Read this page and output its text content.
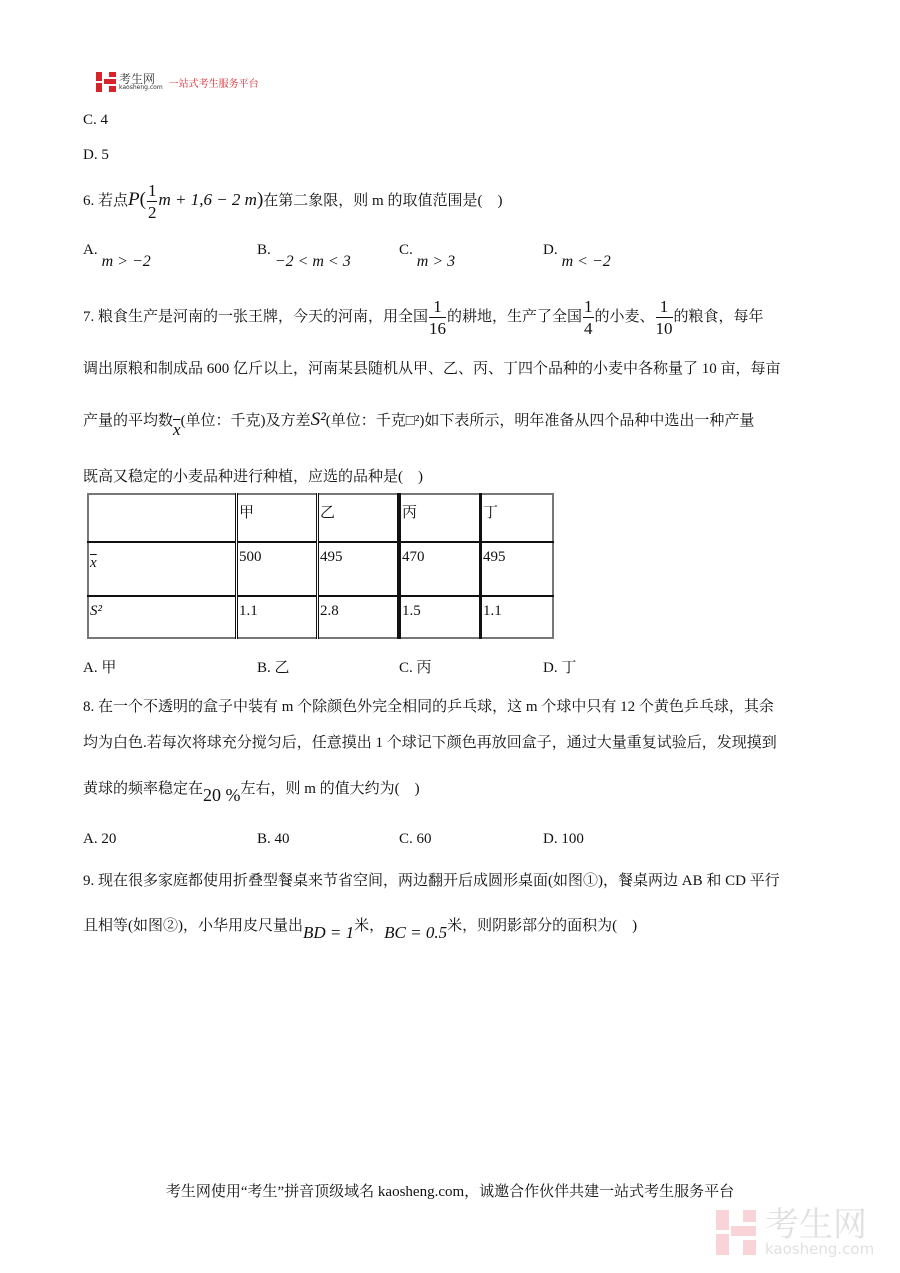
考生网
kaosheng.com 一站式考生服务平台
C. 4
D. 5
6. 若点$P( \frac{1}{2}$ m + 1,6 − 2 m)在第二象限，则 m 的取值范围是(　)
A.m > −2
B.−2 < m < 3
C.m > 3
D.m < −2
7. 粮食生产是河南的一张王牌，今天的河南，用全国 $\frac{1}{16}$ 的耕地，生产了全国 $\frac{1}{4}$ 的小麦、 $\frac{1}{10}$ 的粮食，每年
调出原粮和制成品 600 亿斤以上，河南某县随机从甲、乙、丙、丁四个品种的小麦中各称量了 10 亩，每亩
产量的平均数$\overline{x}$(单位：千克)及方差S²(单位：千克□²)如下表所示，明年准备从四个品种中选出一种产量
既高又稳定的小麦品种进行种植，应选的品种是(　)
	甲	乙	丙	丁
$\overline{x}$	500	495	470	495
S²	1.1	2.8	1.5	1.1
A. 甲	B. 乙	C. 丙	D. 丁
8. 在一个不透明的盒子中装有 m 个除颜色外完全相同的乒乓球，这 m 个球中只有 12 个黄色乒乓球，其余
均为白色.若每次将球充分搅匀后，任意摸出 1 个球记下颜色再放回盒子，通过大量重复试验后，发现摸到
黄球的频率稳定在20 %左右，则 m 的值大约为(　)
A. 20	B. 40	C. 60	D. 100
9. 现在很多家庭都使用折叠型餐桌来节省空间，两边翻开后成圆形桌面(如图①)，餐桌两边 AB 和 CD 平行
且相等(如图②)，小华用皮尺量出BD = 1米，BC = 0.5米，则阴影部分的面积为(　)
考生网使用“考生”拼音顶级域名 kaosheng.com，诚邀合作伙伴共建一站式考生服务平台
考生网
kaosheng.com
